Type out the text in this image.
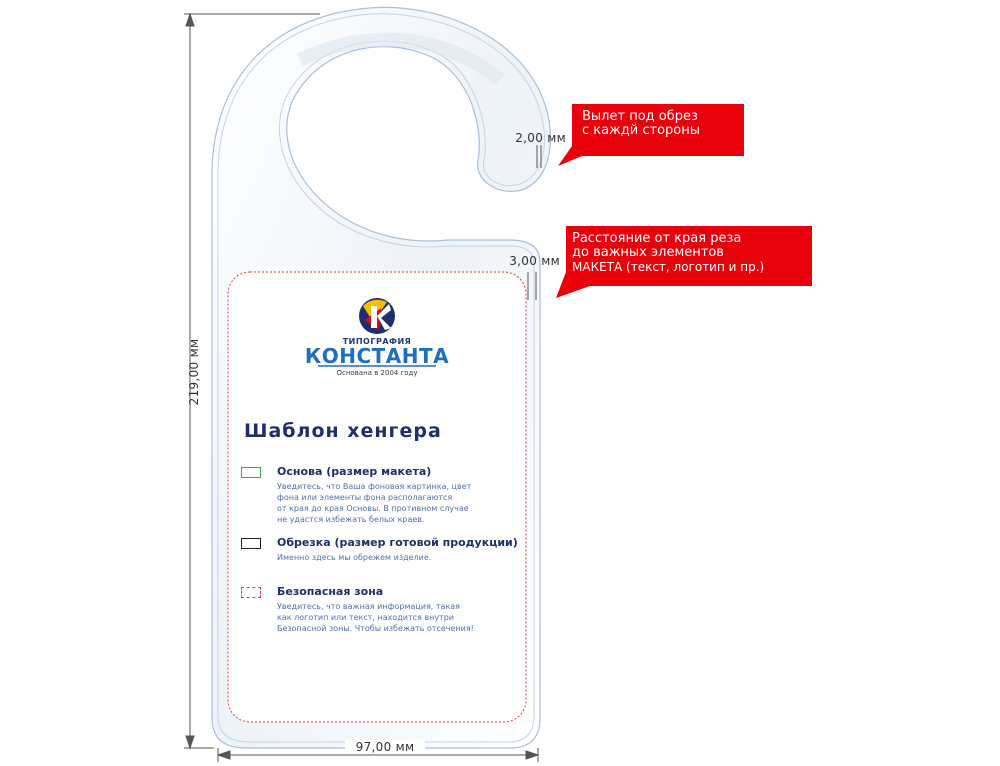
219,00 мм
97,00 мм
2,00 мм
3,00 мм
Вылет под обрез
с каждй стороны
Расстояние от края реза
до важных элементов
МАКЕТА (текст, логотип и пр.)
ТИПОГРАФИЯ
КОНСТАНТА
Основана в 2004 году
Шаблон хенгера
Основа (размер макета)
Уведитесь, что Ваша фоновая картинка, цвет
фона или элементы фона располагаются
от края до края Основы. В противном случае
не удастся избежать белых краев.
Обрезка (размер готовой продукции)
Именно здесь мы обрежем изделие.
Безопасная зона
Уведитесь, что важная информация, такая
как логотип или текст, находится внутри
Безопасной зоны. Чтобы избежать отсечения!
